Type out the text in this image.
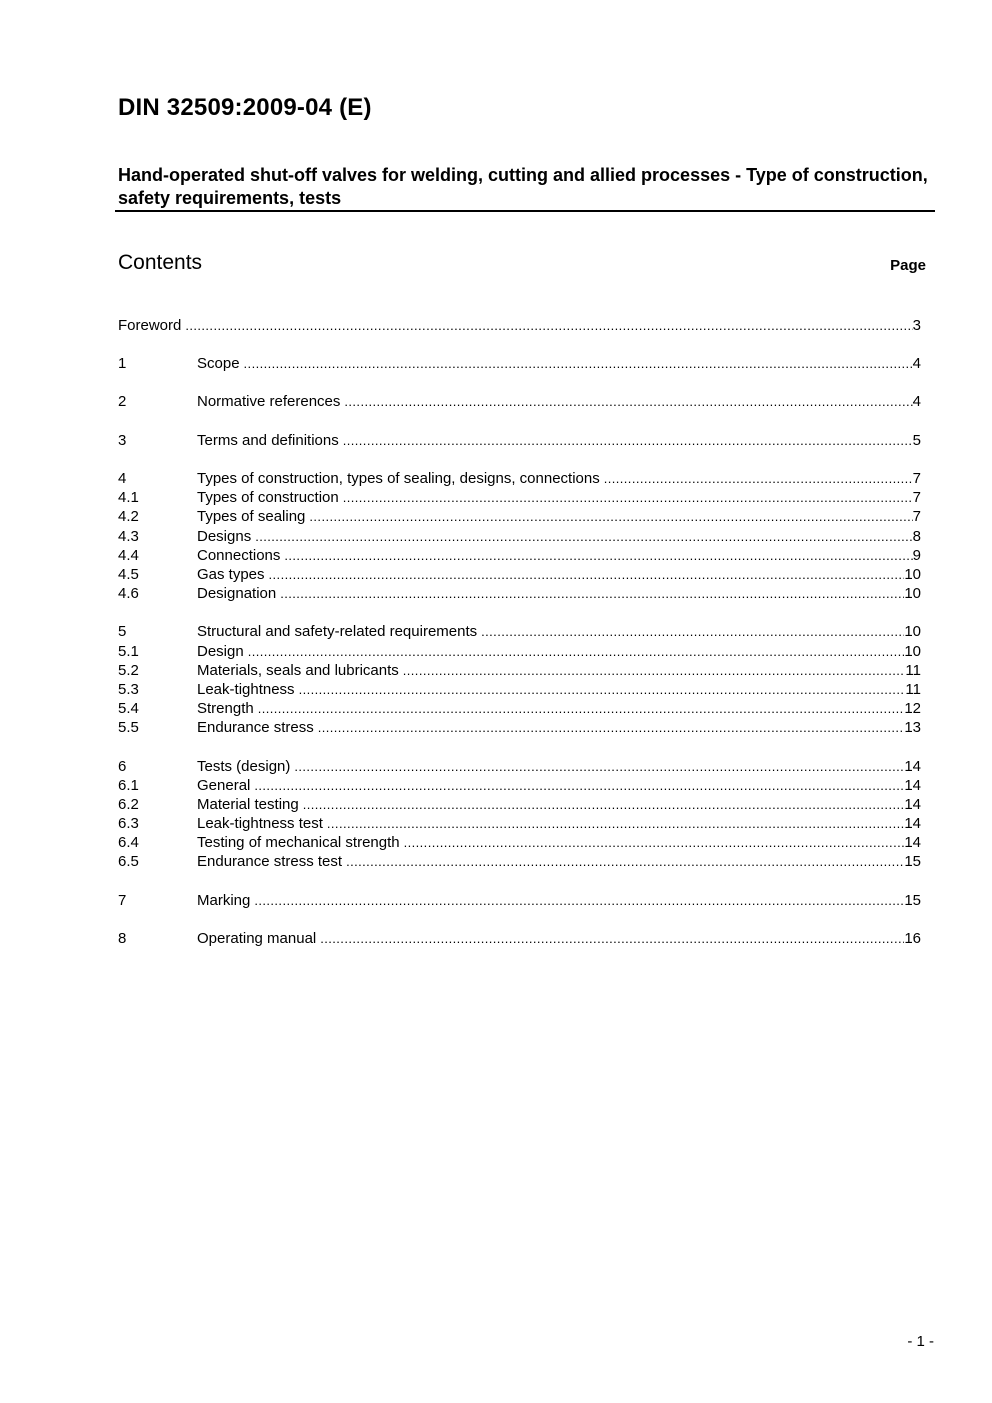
DIN 32509:2009-04 (E)
Hand-operated shut-off valves for welding, cutting and allied processes - Type of construction, safety requirements, tests
Contents	Page
Foreword .....	3
1	Scope .....	4
2	Normative references .....	4
3	Terms and definitions .....	5
4	Types of construction, types of sealing, designs, connections .....	7
4.1	Types of construction .....	7
4.2	Types of sealing .....	7
4.3	Designs .....	8
4.4	Connections .....	9
4.5	Gas types .....	10
4.6	Designation .....	10
5	Structural and safety-related requirements .....	10
5.1	Design .....	10
5.2	Materials, seals and lubricants .....	11
5.3	Leak-tightness .....	11
5.4	Strength .....	12
5.5	Endurance stress .....	13
6	Tests (design) .....	14
6.1	General .....	14
6.2	Material testing .....	14
6.3	Leak-tightness test .....	14
6.4	Testing of mechanical strength .....	14
6.5	Endurance stress test .....	15
7	Marking .....	15
8	Operating manual .....	16
- 1 -
